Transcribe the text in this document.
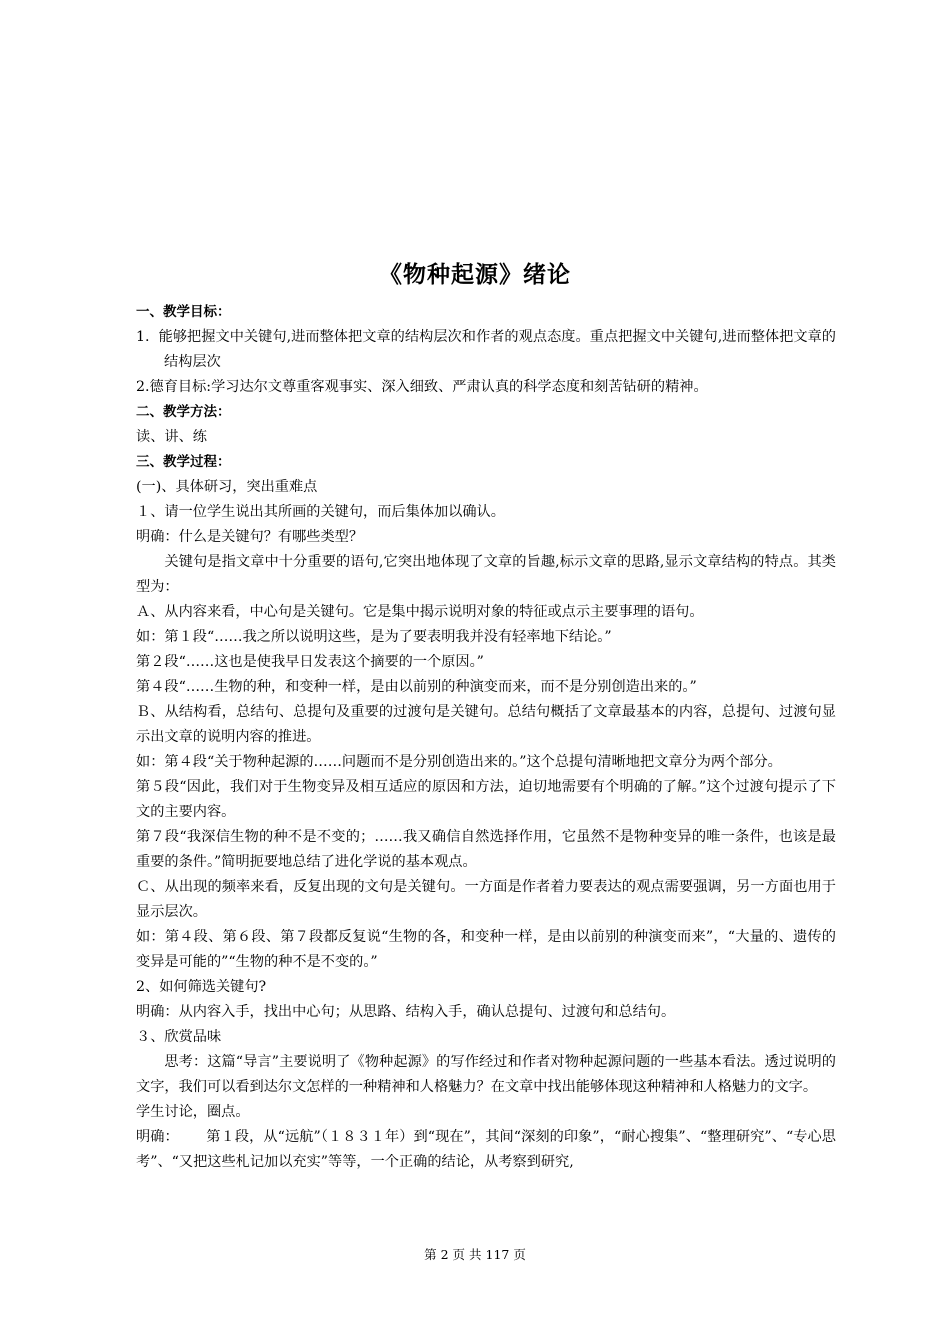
《物种起源》绪论

一、教学目标：

1.  能够把握文中关键句,进而整体把文章的结构层次和作者的观点态度。重点把握文中关键句,进而整体把文章的结构层次

2.德育目标:学习达尔文尊重客观事实、深入细致、严肃认真的科学态度和刻苦钻研的精神。

二、教学方法：

读、讲、练

三、教学过程：

(一)、具体研习，突出重难点

１、请一位学生说出其所画的关键句，而后集体加以确认。

明确：什么是关键句？有哪些类型？

关键句是指文章中十分重要的语句,它突出地体现了文章的旨趣,标示文章的思路,显示文章结构的特点。其类型为：

Ａ、从内容来看，中心句是关键句。它是集中揭示说明对象的特征或点示主要事理的语句。

如：第１段“……我之所以说明这些，是为了要表明我并没有轻率地下结论。”

第２段“……这也是使我早日发表这个摘要的一个原因。”

第４段“……生物的种，和变种一样，是由以前别的种演变而来，而不是分别创造出来的。”

Ｂ、从结构看，总结句、总提句及重要的过渡句是关键句。总结句概括了文章最基本的内容，总提句、过渡句显示出文章的说明内容的推进。

如：第４段“关于物种起源的……问题而不是分别创造出来的。”这个总提句清晰地把文章分为两个部分。

第５段“因此，我们对于生物变异及相互适应的原因和方法，迫切地需要有个明确的了解。”这个过渡句提示了下文的主要内容。

第７段“我深信生物的种不是不变的；……我又确信自然选择作用，它虽然不是物种变异的唯一条件，也该是最重要的条件。”简明扼要地总结了进化学说的基本观点。

Ｃ、从出现的频率来看，反复出现的文句是关键句。一方面是作者着力要表达的观点需要强调，另一方面也用于显示层次。

如：第４段、第６段、第７段都反复说“生物的各，和变种一样，是由以前别的种演变而来”，“大量的、遗传的变异是可能的”“生物的种不是不变的。”

2、如何筛选关键句?

明确：从内容入手，找出中心句；从思路、结构入手，确认总提句、过渡句和总结句。

３、欣赏品味

思考：这篇“导言”主要说明了《物种起源》的写作经过和作者对物种起源问题的一些基本看法。透过说明的文字，我们可以看到达尔文怎样的一种精神和人格魅力？在文章中找出能够体现这种精神和人格魅力的文字。

学生讨论，圈点。

明确：      第１段，从“远航”（１８３１年）到“现在”，其间“深刻的印象”，“耐心搜集”、“整理研究”、“专心思考”、“又把这些札记加以充实”等等，一个正确的结论，从考察到研究,

第 2 页 共 117 页
